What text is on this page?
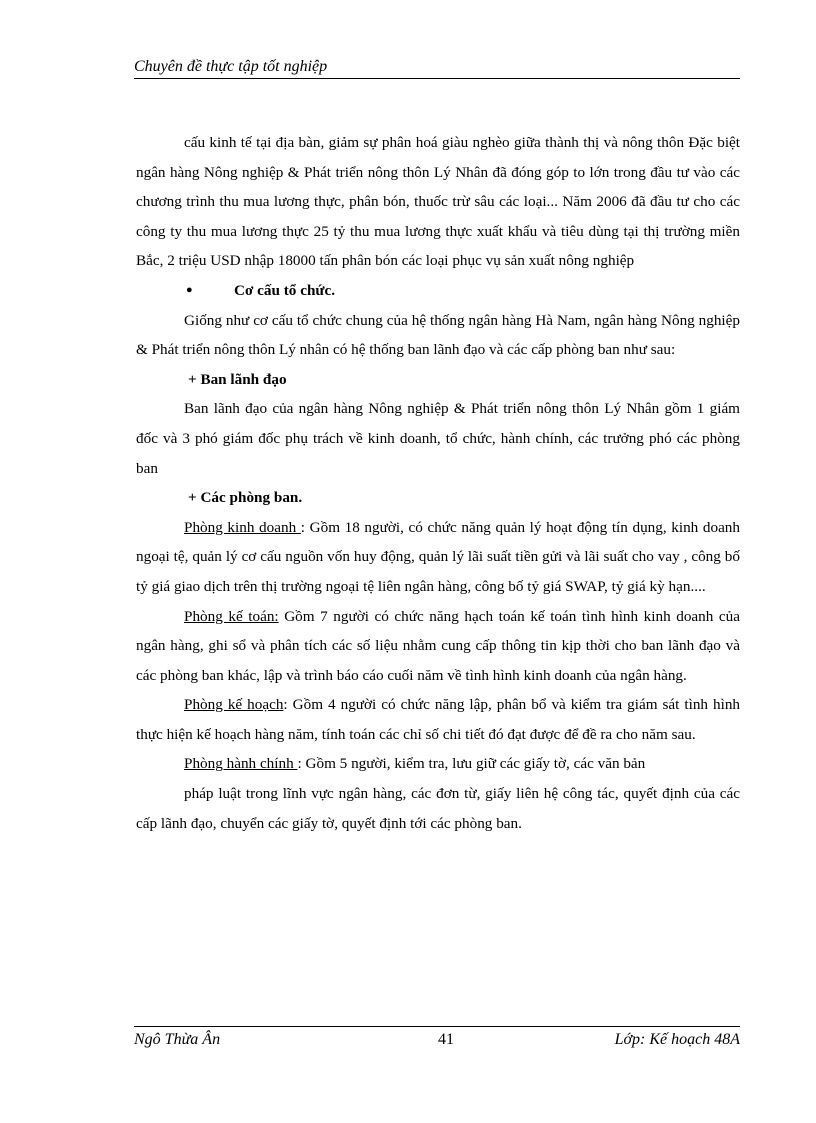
Chuyên đề thực tập tốt nghiệp

cấu kinh tế tại địa bàn, giảm sự phân hoá giàu nghèo giữa thành thị và nông thôn Đặc biệt ngân hàng Nông nghiệp & Phát triển nông thôn Lý Nhân đã đóng góp to lớn trong đầu tư vào các chương trình thu mua lương thực, phân bón, thuốc trừ sâu các loại... Năm 2006 đã đầu tư cho các công ty thu mua lương thực 25 tỷ thu mua lương thực xuất khẩu và tiêu dùng tại thị trường miền Bắc, 2 triệu USD nhập 18000 tấn phân bón các loại phục vụ sản xuất nông nghiệp

●	Cơ cấu tổ chức.

Giống như cơ cấu tổ chức chung của hệ thống ngân hàng Hà Nam, ngân hàng Nông nghiệp & Phát triển nông thôn Lý nhân có hệ thống ban lãnh đạo và các cấp phòng ban như sau:

+ Ban lãnh đạo

Ban lãnh đạo của ngân hàng Nông nghiệp & Phát triển nông thôn Lý Nhân gồm 1 giám đốc và 3 phó giám đốc phụ trách về kinh doanh, tổ chức, hành chính, các trưởng phó các phòng ban

+ Các phòng ban.

Phòng kinh doanh : Gồm 18 người, có chức năng quản lý hoạt động tín dụng, kinh doanh ngoại tệ, quản lý cơ cấu nguồn vốn huy động, quản lý lãi suất tiền gửi và lãi suất cho vay , công bố tỷ giá giao dịch trên thị trường ngoại tệ liên ngân hàng, công bố tỷ giá SWAP, tỷ giá kỳ hạn....

Phòng kế toán: Gồm 7 người có chức năng hạch toán kế toán tình hình kinh doanh của ngân hàng, ghi sổ và phân tích các số liệu nhằm cung cấp thông tin kịp thời cho ban lãnh đạo và các phòng ban khác, lập và trình báo cáo cuối năm về tình hình kinh doanh của ngân hàng.

Phòng kế hoạch: Gồm 4 người có chức năng lập, phân bổ và kiểm tra giám sát tình hình thực hiện kế hoạch hàng năm, tính toán các chỉ số chi tiết đó đạt được để đề ra cho năm sau.

Phòng hành chính : Gồm 5 người, kiểm tra, lưu giữ các giấy tờ, các văn bản

pháp luật trong lĩnh vực ngân hàng, các đơn từ, giấy liên hệ công tác, quyết định của các cấp lãnh đạo, chuyển các giấy tờ, quyết định tới các phòng ban.

Ngô Thừa Ân	41	Lớp: Kế hoạch 48A
